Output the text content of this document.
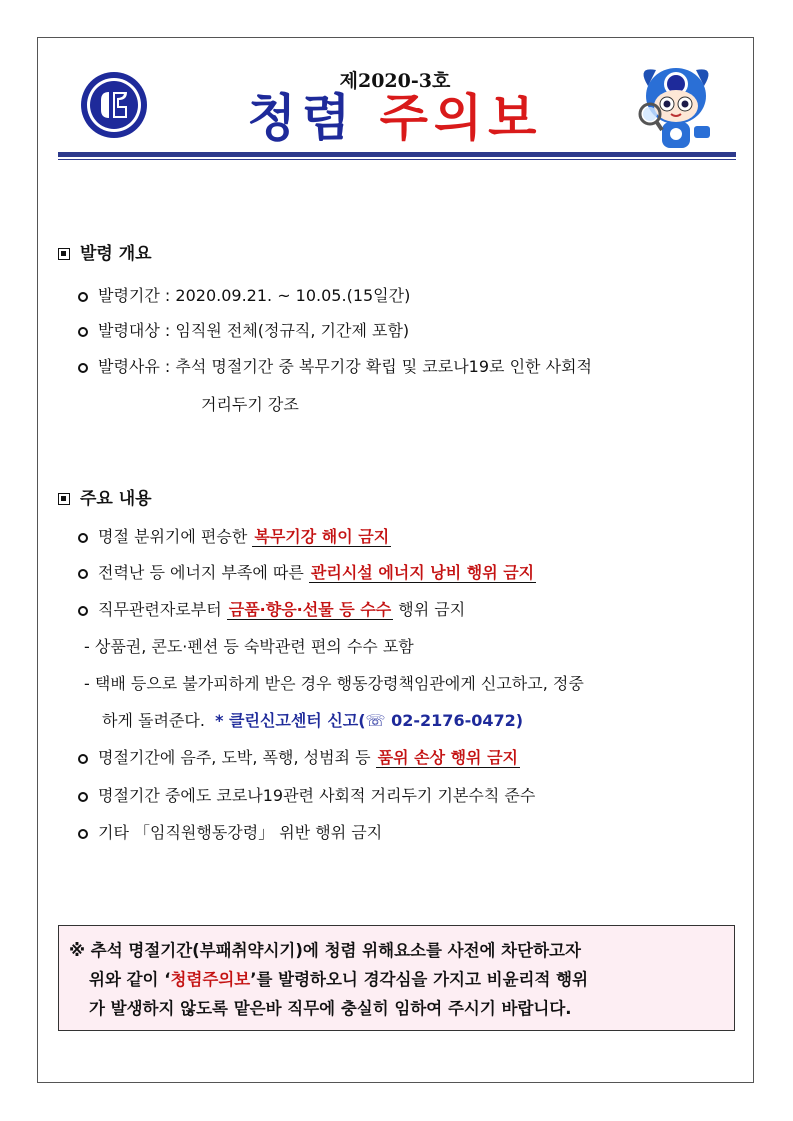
제2020-3호
청렴 주의보
발령 개요
발령기간 : 2020.09.21. ~ 10.05.(15일간)
발령대상 : 임직원 전체(정규직, 기간제 포함)
발령사유 : 추석 명절기간 중 복무기강 확립 및 코로나19로 인한 사회적
거리두기 강조
주요 내용
명절 분위기에 편승한 복무기강 해이 금지
전력난 등 에너지 부족에 따른 관리시설 에너지 낭비 행위 금지
직무관련자로부터 금품·향응·선물 등 수수 행위 금지
- 상품권, 콘도·펜션 등 숙박관련 편의 수수 포함
- 택배 등으로 불가피하게 받은 경우 행동강령책임관에게 신고하고, 정중
하게 돌려준다. * 클린신고센터 신고(☏ 02-2176-0472)
명절기간에 음주, 도박, 폭행, 성범죄 등 품위 손상 행위 금지
명절기간 중에도 코로나19관련 사회적 거리두기 기본수칙 준수
기타 「임직원행동강령」 위반 행위 금지
※ 추석 명절기간(부패취약시기)에 청렴 위해요소를 사전에 차단하고자
위와 같이 ‘청렴주의보’를 발령하오니 경각심을 가지고 비윤리적 행위
가 발생하지 않도록 맡은바 직무에 충실히 임하여 주시기 바랍니다.
